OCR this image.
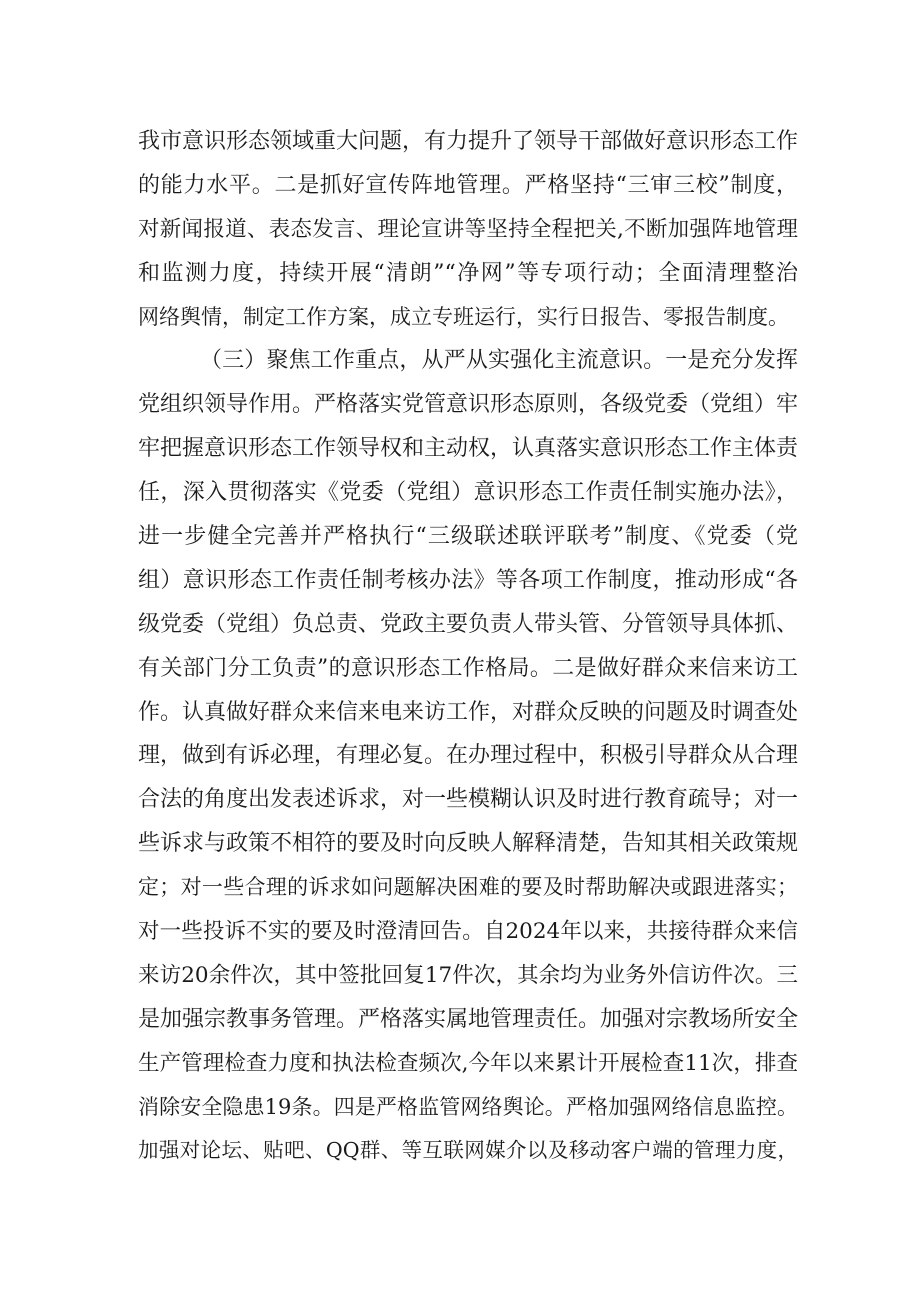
我市意识形态领域重大问题，有力提升了领导干部做好意识形态工作
的能力水平。二是抓好宣传阵地管理。严格坚持“三审三校”制度，
对新闻报道、表态发言、理论宣讲等坚持全程把关,不断加强阵地管理
和监测力度，持续开展“清朗”“净网”等专项行动；全面清理整治
网络舆情，制定工作方案，成立专班运行，实行日报告、零报告制度。
（三）聚焦工作重点，从严从实强化主流意识。一是充分发挥
党组织领导作用。严格落实党管意识形态原则，各级党委（党组）牢
牢把握意识形态工作领导权和主动权，认真落实意识形态工作主体责
任，深入贯彻落实《党委（党组）意识形态工作责任制实施办法》，
进一步健全完善并严格执行“三级联述联评联考”制度、《党委（党
组）意识形态工作责任制考核办法》等各项工作制度，推动形成“各
级党委（党组）负总责、党政主要负责人带头管、分管领导具体抓、
有关部门分工负责”的意识形态工作格局。二是做好群众来信来访工
作。认真做好群众来信来电来访工作，对群众反映的问题及时调查处
理，做到有诉必理，有理必复。在办理过程中，积极引导群众从合理
合法的角度出发表述诉求，对一些模糊认识及时进行教育疏导；对一
些诉求与政策不相符的要及时向反映人解释清楚，告知其相关政策规
定；对一些合理的诉求如问题解决困难的要及时帮助解决或跟进落实；
对一些投诉不实的要及时澄清回告。自2024年以来，共接待群众来信
来访20余件次，其中签批回复17件次，其余均为业务外信访件次。三
是加强宗教事务管理。严格落实属地管理责任。加强对宗教场所安全
生产管理检查力度和执法检查频次,今年以来累计开展检查11次，排查
消除安全隐患19条。四是严格监管网络舆论。严格加强网络信息监控。
加强对论坛、贴吧、QQ群、等互联网媒介以及移动客户端的管理力度，
